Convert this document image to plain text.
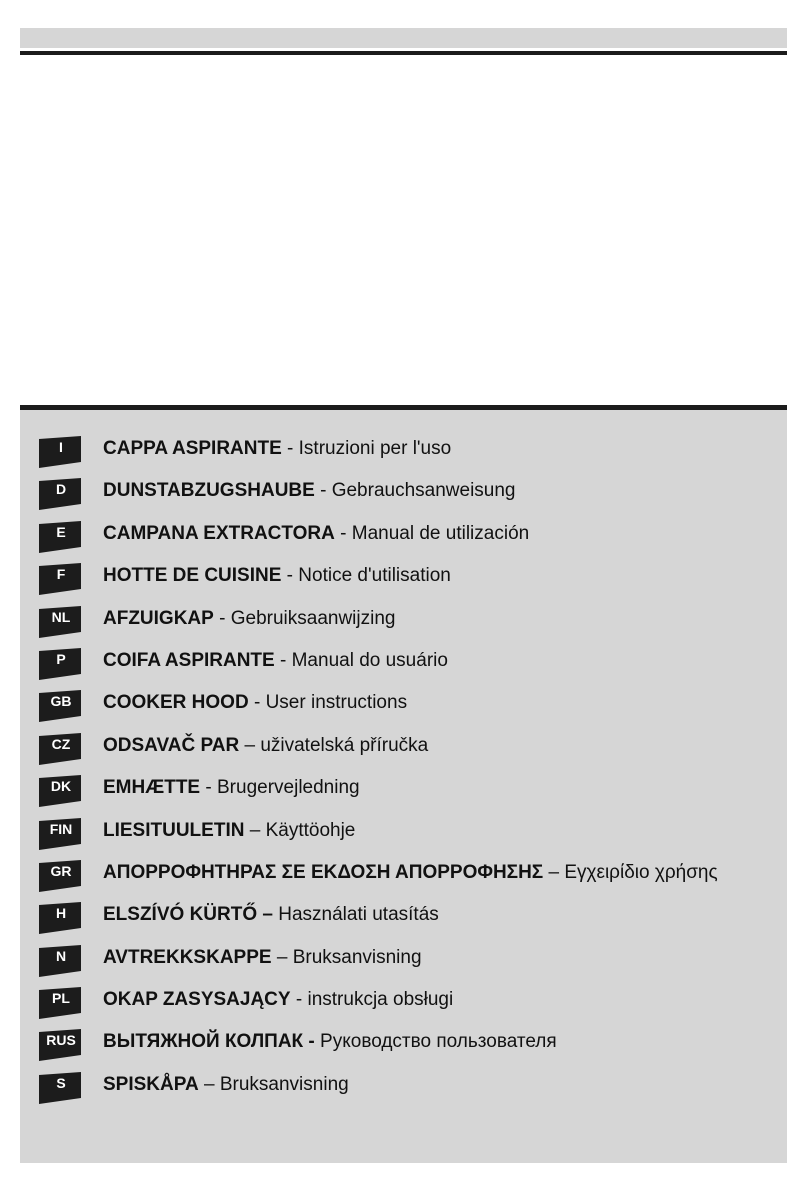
I	CAPPA ASPIRANTE - Istruzioni per l'uso
D	DUNSTABZUGSHAUBE - Gebrauchsanweisung
E	CAMPANA EXTRACTORA - Manual de utilización
F	HOTTE DE CUISINE - Notice d'utilisation
NL	AFZUIGKAP - Gebruiksaanwijzing
P	COIFA ASPIRANTE - Manual do usuário
GB	COOKER HOOD - User instructions
CZ	ODSAVAČ PAR – uživatelská příručka
DK	EMHÆTTE - Brugervejledning
FIN	LIESITUULETIN – Käyttöohje
GR	ΑΠΟΡΡΟΦΗΤΗΡΑΣ ΣΕ ΕΚΔΟΣΗ ΑΠΟΡΡΟΦΗΣΗΣ – Εγχειρίδιο χρήσης
H	ELSZÍVÓ KÜRTŐ – Használati utasítás
N	AVTREKKSKAPPE – Bruksanvisning
PL	OKAP ZASYSAJĄCY - instrukcja obsługi
RUS	ВЫТЯЖНОЙ КОЛПАК - Руководство пользователя
S	SPISKÅPA – Bruksanvisning
